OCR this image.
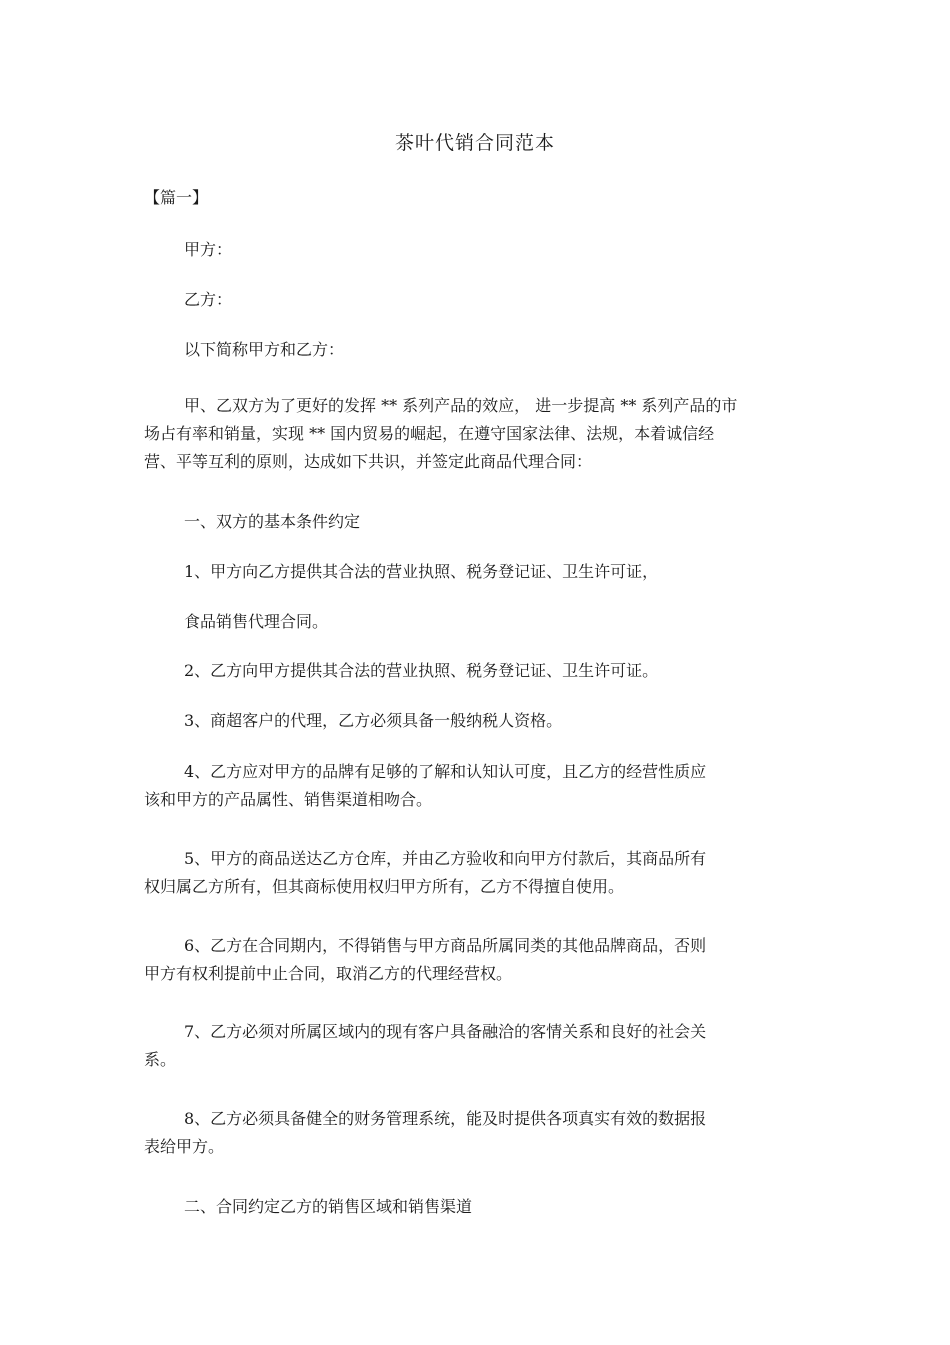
茶叶代销合同范本
【篇一】
甲方：
乙方：
以下简称甲方和乙方：
甲、乙双方为了更好的发挥 ** 系列产品的效应， 进一步提高 ** 系列产品的市
场占有率和销量，实现 ** 国内贸易的崛起，在遵守国家法律、法规，本着诚信经
营、平等互利的原则，达成如下共识，并签定此商品代理合同：
一、双方的基本条件约定
1、甲方向乙方提供其合法的营业执照、税务登记证、卫生许可证，
食品销售代理合同。
2、乙方向甲方提供其合法的营业执照、税务登记证、卫生许可证。
3、商超客户的代理，乙方必须具备一般纳税人资格。
4、乙方应对甲方的品牌有足够的了解和认知认可度，且乙方的经营性质应
该和甲方的产品属性、销售渠道相吻合。
5、甲方的商品送达乙方仓库，并由乙方验收和向甲方付款后，其商品所有
权归属乙方所有，但其商标使用权归甲方所有，乙方不得擅自使用。
6、乙方在合同期内，不得销售与甲方商品所属同类的其他品牌商品，否则
甲方有权利提前中止合同，取消乙方的代理经营权。
7、乙方必须对所属区域内的现有客户具备融洽的客情关系和良好的社会关
系。
8、乙方必须具备健全的财务管理系统，能及时提供各项真实有效的数据报
表给甲方。
二、合同约定乙方的销售区域和销售渠道
